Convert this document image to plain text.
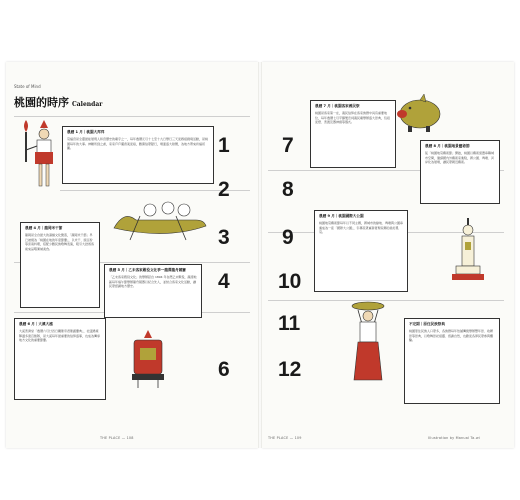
State of Mind
桃園的時序 Calendar
農曆 1 月｜桃園大拜拜
景福宮是全臺最能展現人和宮歷史的廟宇之一，每年農曆元月十七至十九日舉行三天迎媽祖繞境活動，是桃園每年的大事。神轎所到之處，家家戶戶擺香案迎接，數萬信眾隨行，場面盛大熱鬧，為地方帶來祈福氛圍。
農曆 4 月｜龍岡米干節
龍岡是全台最大的滇緬文化聚落，「龍岡米干節」早已被視為「桃園在地的年度節慶」，以米干、豌豆粉等雲南料理，搭配少數民族歌舞表演，吸引大批遊客前來品嚐異域美食。
農曆 5 月｜乙未客家殿役文化季一龍潭龍舟競賽
「乙未客家殿役文化」的舉辦起自 1894 年台灣乙未戰役，龍潭地區每年端午節舉辦龍舟競賽以紀念先人，並結合客家文化活動，讓民眾認識地方歷史。
農曆 6 月｜大溪大禧
大溪普濟堂「農曆六月廿四日關聖帝君聖誕慶典」，社頭遶境陣頭多達百餘隊，是大溪每年最重要的信仰盛事，也成為傳承地方文化的重要節慶。
農曆 7 月｜桃園客家義民祭
桃園是客家第一庄，義民信仰在客家族群中具有重要地位，每年農曆七月平鎮褒忠祠義民廟舉辦盛大祭典，包括迎燈、普渡及賽神豬等儀式。
農曆 8 月｜桃園地景藝術節
從「桃園地景藝術節」開始，桃園以藝術裝置串聯城市空間，邀請國內外藝術家進駐，將公園、埤塘、河岸化為展場，讓民眾親近藝術。
農曆 9 月｜桃園國際大公園
桃園地景藝術節每年以不同主題，將城市的綠地、埤塘與公園串連成為一座「國際大公園」，引導民眾重新發現家鄉的美好風景。
不定期｜原住民族祭典
桃園原住民族人口眾多，各族群每年依循傳統舉辦豐年祭、收穫祭等祭典，以歌舞祭祀祖靈、感謝自然，也歡迎各界民眾參與體驗。
1
2
3
4
6
7
8
9
10
11
12
THE PLACE — 108	THE PLACE — 109	Illustration by Manual Ta-wi
